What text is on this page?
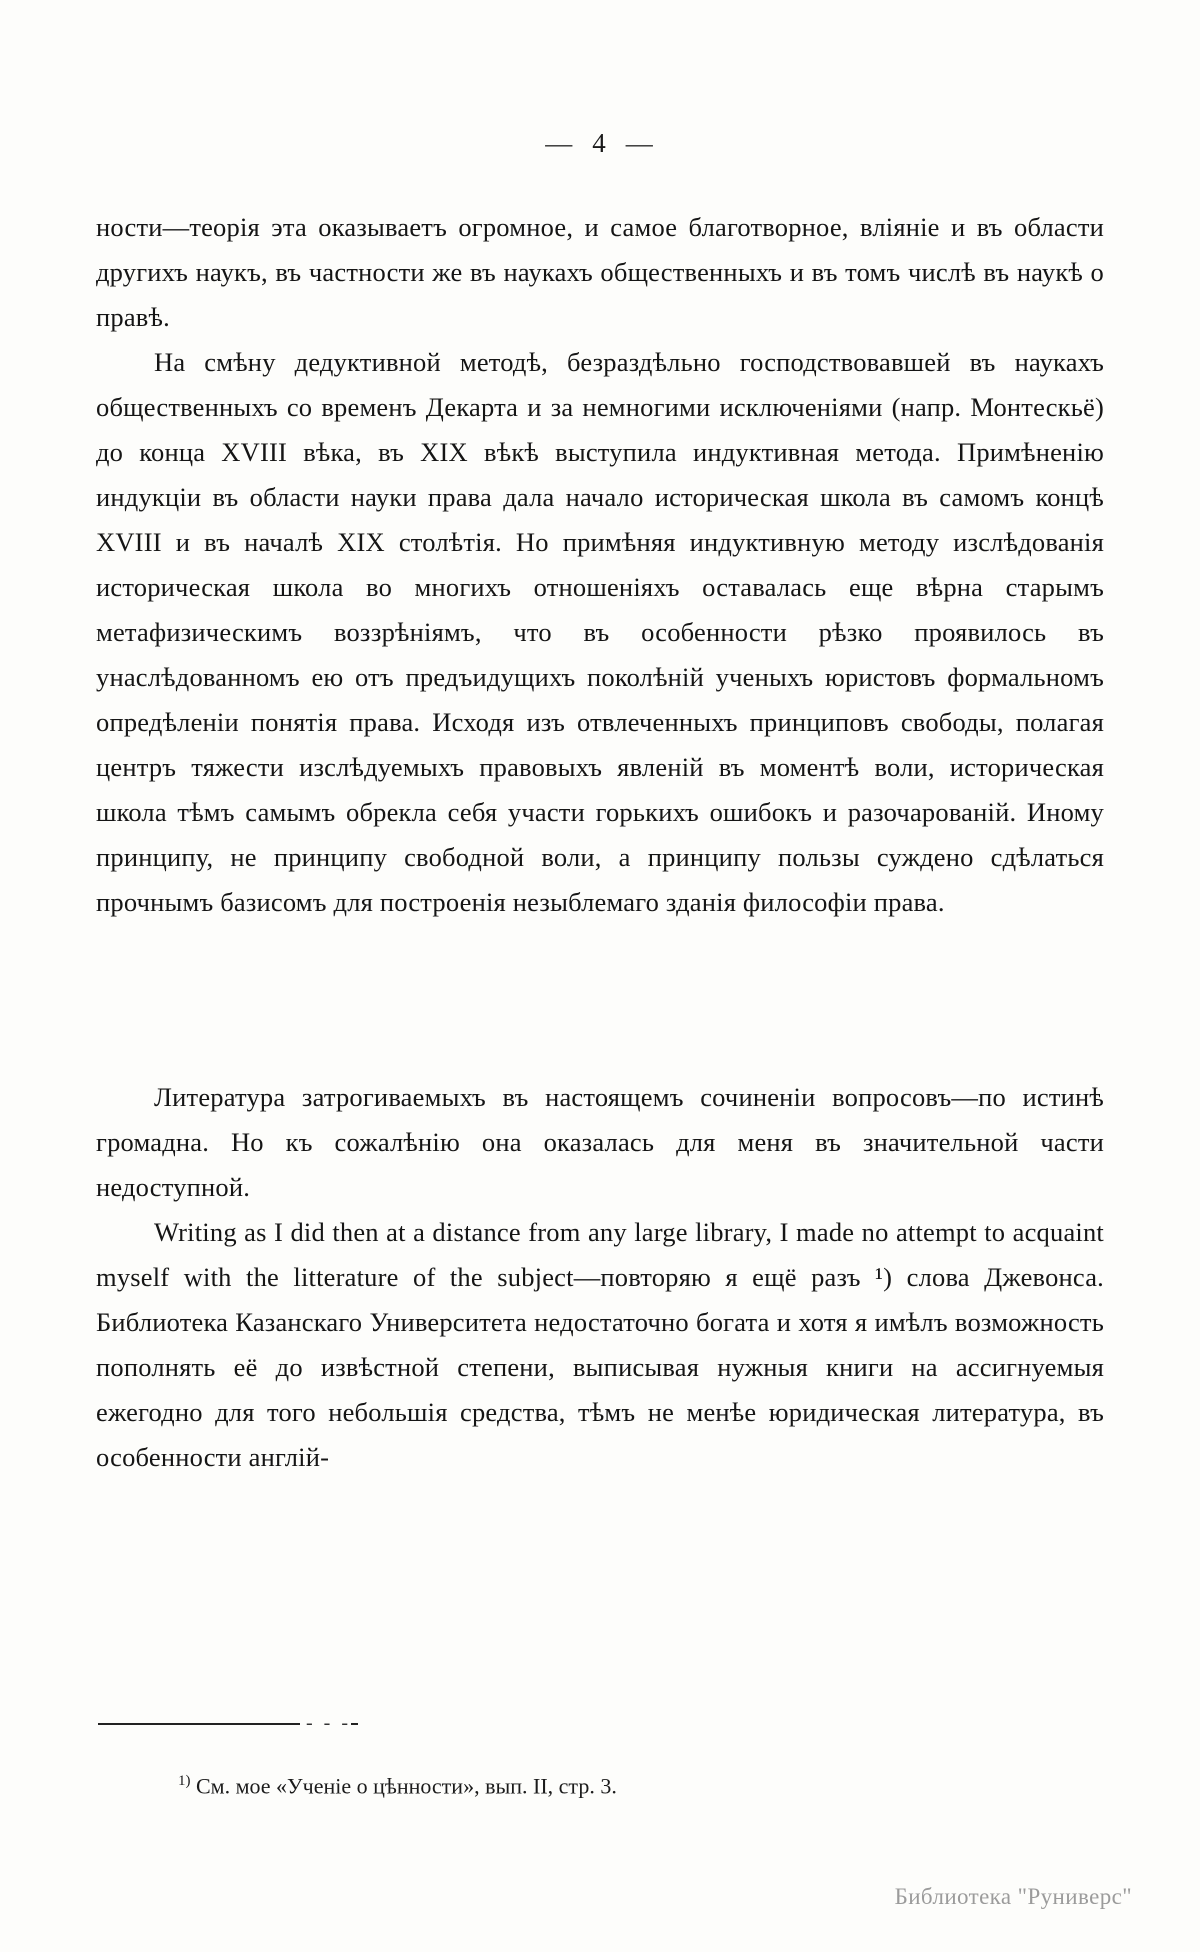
— 4 —

ности—теорія эта оказываетъ огромное, и самое благотворное, вліяніе и въ области другихъ наукъ, въ частности же въ наукахъ общественныхъ и въ томъ числѣ въ наукѣ о правѣ.

На смѣну дедуктивной методѣ, безраздѣльно господствовавшей въ наукахъ общественныхъ со временъ Декарта и за немногими исключеніями (напр. Монтескьё) до конца XVIII вѣка, въ XIX вѣкѣ выступила индуктивная метода. Примѣненію индукціи въ области науки права дала начало историческая школа въ самомъ концѣ XVIII и въ началѣ XIX столѣтія. Но примѣняя индуктивную методу изслѣдованія историческая школа во многихъ отношеніяхъ оставалась еще вѣрна старымъ метафизическимъ воззрѣніямъ, что въ особенности рѣзко проявилось въ унаслѣдованномъ ею отъ предъидущихъ поколѣній ученыхъ юристовъ формальномъ опредѣленіи понятія права. Исходя изъ отвлеченныхъ принциповъ свободы, полагая центръ тяжести изслѣдуемыхъ правовыхъ явленій въ моментѣ воли, историческая школа тѣмъ самымъ обрекла себя участи горькихъ ошибокъ и разочарованій. Иному принципу, не принципу свободной воли, а принципу пользы суждено сдѣлаться прочнымъ базисомъ для построенія незыблемаго зданія философіи права.

Литература затрогиваемыхъ въ настоящемъ сочиненіи вопросовъ—по истинѣ громадна. Но къ сожалѣнію она оказалась для меня въ значительной части недоступной.

Writing as I did then at a distance from any large library, I made no attempt to acquaint myself with the litterature of the subject—повторяю я ещё разъ ¹) слова Джевонса. Библиотека Казанскаго Университета недостаточно богата и хотя я имѣлъ возможность пополнять её до извѣстной степени, выписывая нужныя книги на ассигнуемыя ежегодно для того небольшія средства, тѣмъ не менѣе юридическая литература, въ особенности англій-

- - -
$^{1)}$ См. мое «Ученіе о цѣнности», вып. II, стр. 3.
Библиотека "Руниверс"
